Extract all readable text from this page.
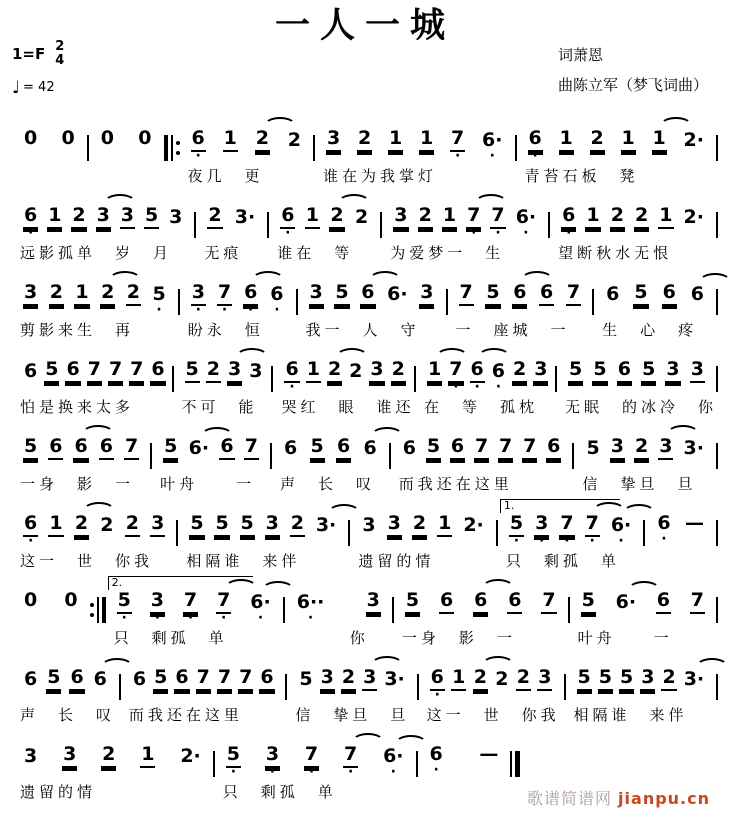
一人一城
1=F 2
4
♩ = 42
词萧恩
曲陈立军（梦飞词曲）
0
0
0
0
6
·
1
2
2

夜几　更
3
2
1
1
7
·
6·
·
谁在为我掌灯
6
·
1
2
1
1
2·

青苔石板　凳
6
·
1
2
3
3
5
3

远影孤单　岁　月
2
3·

无痕
6
·
1
2
2

谁在　等
3
2
1
7
·
7
·
6·
·
为爱梦一　生
6
·
1
2
2
1
2·

望断秋水无恨
3
2
1
2
2
5
·
剪影来生　再
3
·
7
·
6
·
6
·
盼永　恒
3
5
6
6·
3

我一　人　守
7
5
6
6
7

一　座城　一
6
5
6
6

生　心　疼
6
5
6
7
7
7
6

怕是换来太多
5
2
3
3

不可　能
6
·
1
2
2
3
2

哭红　眼　谁还
1
7
·
6
·
6
·
2
3

在　等　孤枕
5
5
6
5
3
3

无眠　的冰冷　你
5
6
6
6
7

一身　影　一
5
6·
6
7

叶舟　　一
6
5
6
6

声　长　叹
6
5
6
7
7
7
6

而我还在这里
5
3
2
3
3·

信　挚旦　旦
6
·
1
2
2
2
3

这一　世　你我
5
5
5
3
2
3·

相隔谁　来伴
3
3
2
1
2·

遗留的情
1.
5
·
3
·
7
·
7
·
6·
·
只　剩孤　单
6
·
—

0
0

2.
5
·
3
·
7
·
7
·
6·
·
只　剩孤　单
6··
·
3

　　　你
5
6
6
6
7

一身　影　一
5
6·
6
7

叶舟　　一
6
5
6
6

声　长　叹
6
5
6
7
7
7
6

而我还在这里
5
3
2
3
3·

信　挚旦　旦
6
·
1
2
2
2
3

这一　世　你我
5
5
5
3
2
3·

相隔谁　来伴
3
3
2
1
2·

遗留的情
5
·
3
·
7
·
7
·
6·
·
只　剩孤　单
6
·
—

歌谱简谱网 jianpu.cn
